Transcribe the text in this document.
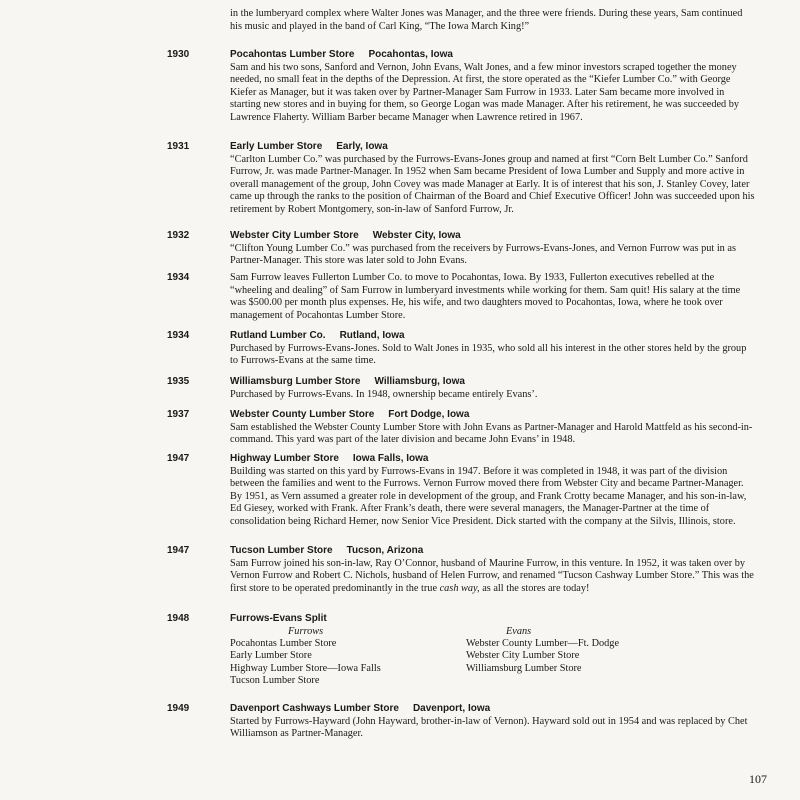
in the lumberyard complex where Walter Jones was Manager, and the three were friends. During these years, Sam continued his music and played in the band of Carl King, “The Iowa March King!”
1930	Pocahontas Lumber Store Pocahontas, Iowa
Sam and his two sons, Sanford and Vernon, John Evans, Walt Jones, and a few minor investors scraped together the money needed, no small feat in the depths of the Depression. At first, the store operated as the “Kiefer Lumber Co.” with George Kiefer as Manager, but it was taken over by Partner-Manager Sam Furrow in 1933. Later Sam became more involved in starting new stores and in buying for them, so George Logan was made Manager. After his retirement, he was succeeded by Lawrence Flaherty. William Barber became Manager when Lawrence retired in 1967.
1931	Early Lumber Store Early, Iowa
“Carlton Lumber Co.” was purchased by the Furrows-Evans-Jones group and named at first “Corn Belt Lumber Co.” Sanford Furrow, Jr. was made Partner-Manager. In 1952 when Sam became President of Iowa Lumber and Supply and more active in overall management of the group, John Covey was made Manager at Early. It is of interest that his son, J. Stanley Covey, later came up through the ranks to the position of Chairman of the Board and Chief Executive Officer! John was succeeded upon his retirement by Robert Montgomery, son-in-law of Sanford Furrow, Jr.
1932	Webster City Lumber Store Webster City, Iowa
“Clifton Young Lumber Co.” was purchased from the receivers by Furrows-Evans-Jones, and Vernon Furrow was put in as Partner-Manager. This store was later sold to John Evans.
1934	Sam Furrow leaves Fullerton Lumber Co. to move to Pocahontas, Iowa. By 1933, Fullerton executives rebelled at the “wheeling and dealing” of Sam Furrow in lumberyard investments while working for them. Sam quit! His salary at the time was $500.00 per month plus expenses. He, his wife, and two daughters moved to Pocahontas, Iowa, where he took over management of Pocahontas Lumber Store.
1934	Rutland Lumber Co. Rutland, Iowa
Purchased by Furrows-Evans-Jones. Sold to Walt Jones in 1935, who sold all his interest in the other stores held by the group to Furrows-Evans at the same time.
1935	Williamsburg Lumber Store Williamsburg, Iowa
Purchased by Furrows-Evans. In 1948, ownership became entirely Evans’.
1937	Webster County Lumber Store Fort Dodge, Iowa
Sam established the Webster County Lumber Store with John Evans as Partner-Manager and Harold Mattfeld as his second-in-command. This yard was part of the later division and became John Evans’ in 1948.
1947	Highway Lumber Store Iowa Falls, Iowa
Building was started on this yard by Furrows-Evans in 1947. Before it was completed in 1948, it was part of the division between the families and went to the Furrows. Vernon Furrow moved there from Webster City and became Partner-Manager. By 1951, as Vern assumed a greater role in development of the group, and Frank Crotty became Manager, and his son-in-law, Ed Giesey, worked with Frank. After Frank’s death, there were several managers, the Manager-Partner at the time of consolidation being Richard Hemer, now Senior Vice President. Dick started with the company at the Silvis, Illinois, store.
1947	Tucson Lumber Store Tucson, Arizona
Sam Furrow joined his son-in-law, Ray O’Connor, husband of Maurine Furrow, in this venture. In 1952, it was taken over by Vernon Furrow and Robert C. Nichols, husband of Helen Furrow, and renamed “Tucson Cashway Lumber Store.” This was the first store to be operated predominantly in the true cash way, as all the stores are today!
1948	Furrows-Evans Split
Furrows
Pocahontas Lumber Store
Early Lumber Store
Highway Lumber Store—Iowa Falls
Tucson Lumber Store
Evans
Webster County Lumber—Ft. Dodge
Webster City Lumber Store
Williamsburg Lumber Store
1949	Davenport Cashways Lumber Store Davenport, Iowa
Started by Furrows-Hayward (John Hayward, brother-in-law of Vernon). Hayward sold out in 1954 and was replaced by Chet Williamson as Partner-Manager.
107
